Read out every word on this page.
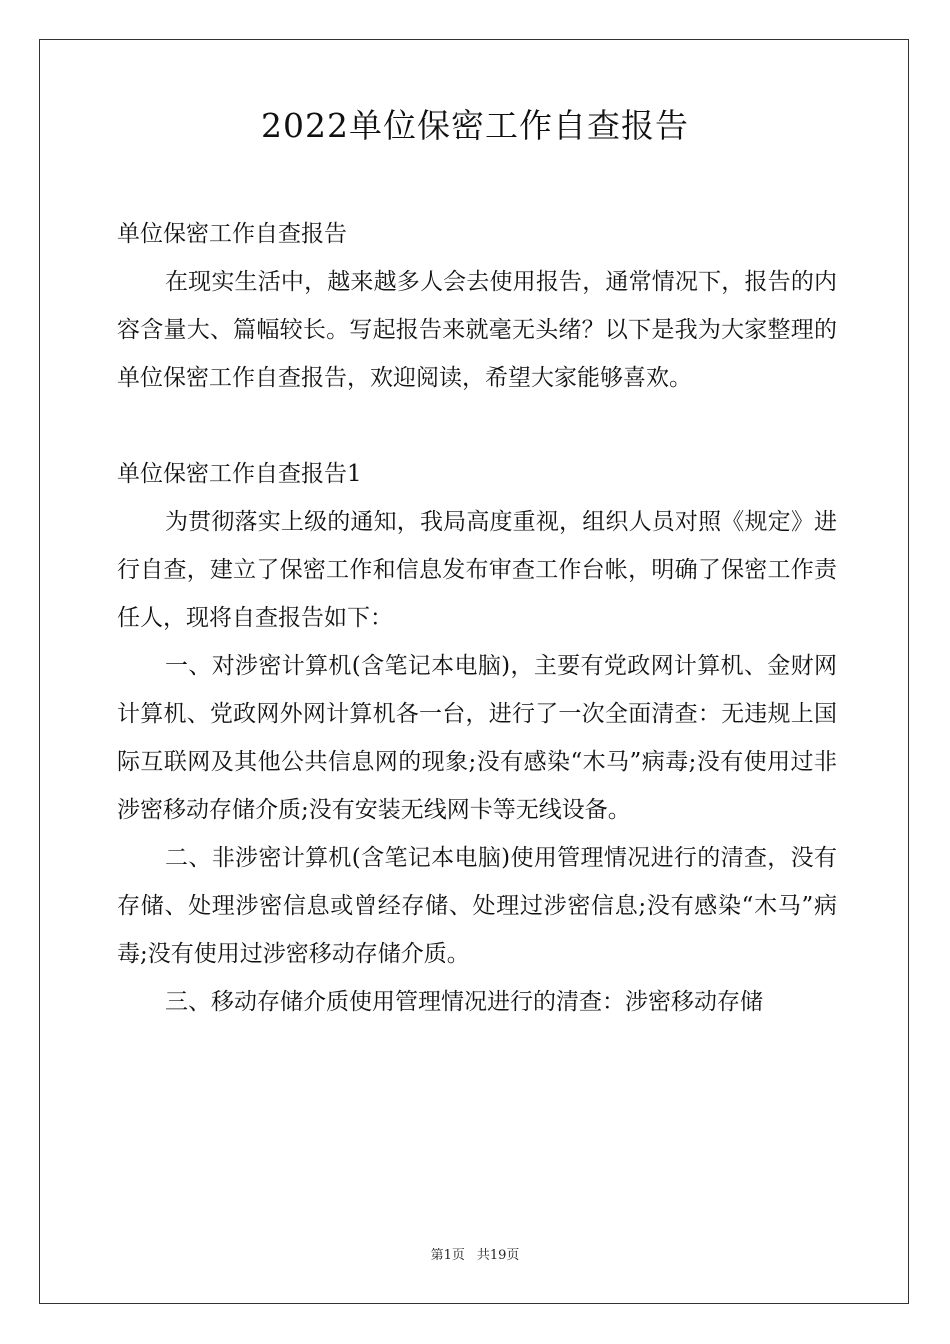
2022单位保密工作自查报告

单位保密工作自查报告

在现实生活中，越来越多人会去使用报告，通常情况下，报告的内容含量大、篇幅较长。写起报告来就毫无头绪？以下是我为大家整理的单位保密工作自查报告，欢迎阅读，希望大家能够喜欢。

单位保密工作自查报告1

为贯彻落实上级的通知，我局高度重视，组织人员对照《规定》进行自查，建立了保密工作和信息发布审查工作台帐，明确了保密工作责任人，现将自查报告如下：

一、对涉密计算机(含笔记本电脑)，主要有党政网计算机、金财网计算机、党政网外网计算机各一台，进行了一次全面清查：无违规上国际互联网及其他公共信息网的现象;没有感染“木马”病毒;没有使用过非涉密移动存储介质;没有安装无线网卡等无线设备。

二、非涉密计算机(含笔记本电脑)使用管理情况进行的清查，没有存储、处理涉密信息或曾经存储、处理过涉密信息;没有感染“木马”病毒;没有使用过涉密移动存储介质。

三、移动存储介质使用管理情况进行的清查：涉密移动存储

第1页 共19页
